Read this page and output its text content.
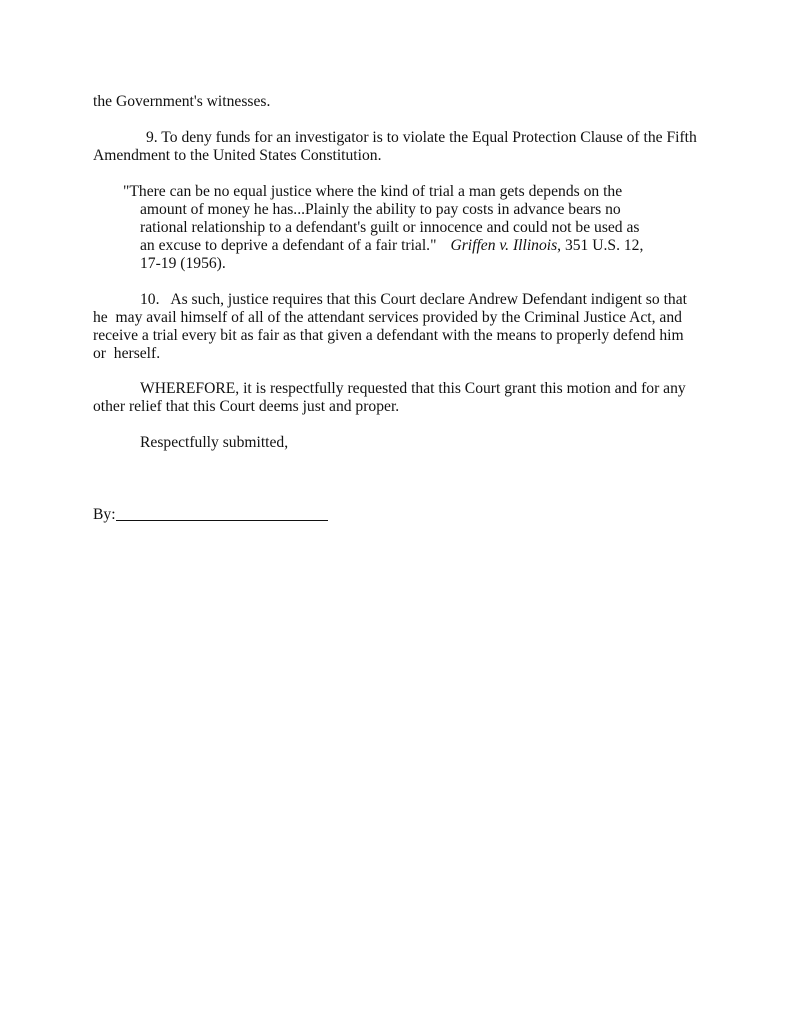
the Government's witnesses.
9. To deny funds for an investigator is to violate the Equal Protection Clause of the Fifth
Amendment to the United States Constitution.
"There can be no equal justice where the kind of trial a man gets depends on the
amount of money he has...Plainly the ability to pay costs in advance bears no
rational relationship to a defendant's guilt or innocence and could not be used as
an excuse to deprive a defendant of a fair trial." Griffen v. Illinois, 351 U.S. 12,
17-19 (1956).
10.   As such, justice requires that this Court declare Andrew Defendant indigent so that
he  may avail himself of all of the attendant services provided by the Criminal Justice Act, and
receive a trial every bit as fair as that given a defendant with the means to properly defend him
or  herself.
WHEREFORE, it is respectfully requested that this Court grant this motion and for any
other relief that this Court deems just and proper.
Respectfully submitted,
By:
